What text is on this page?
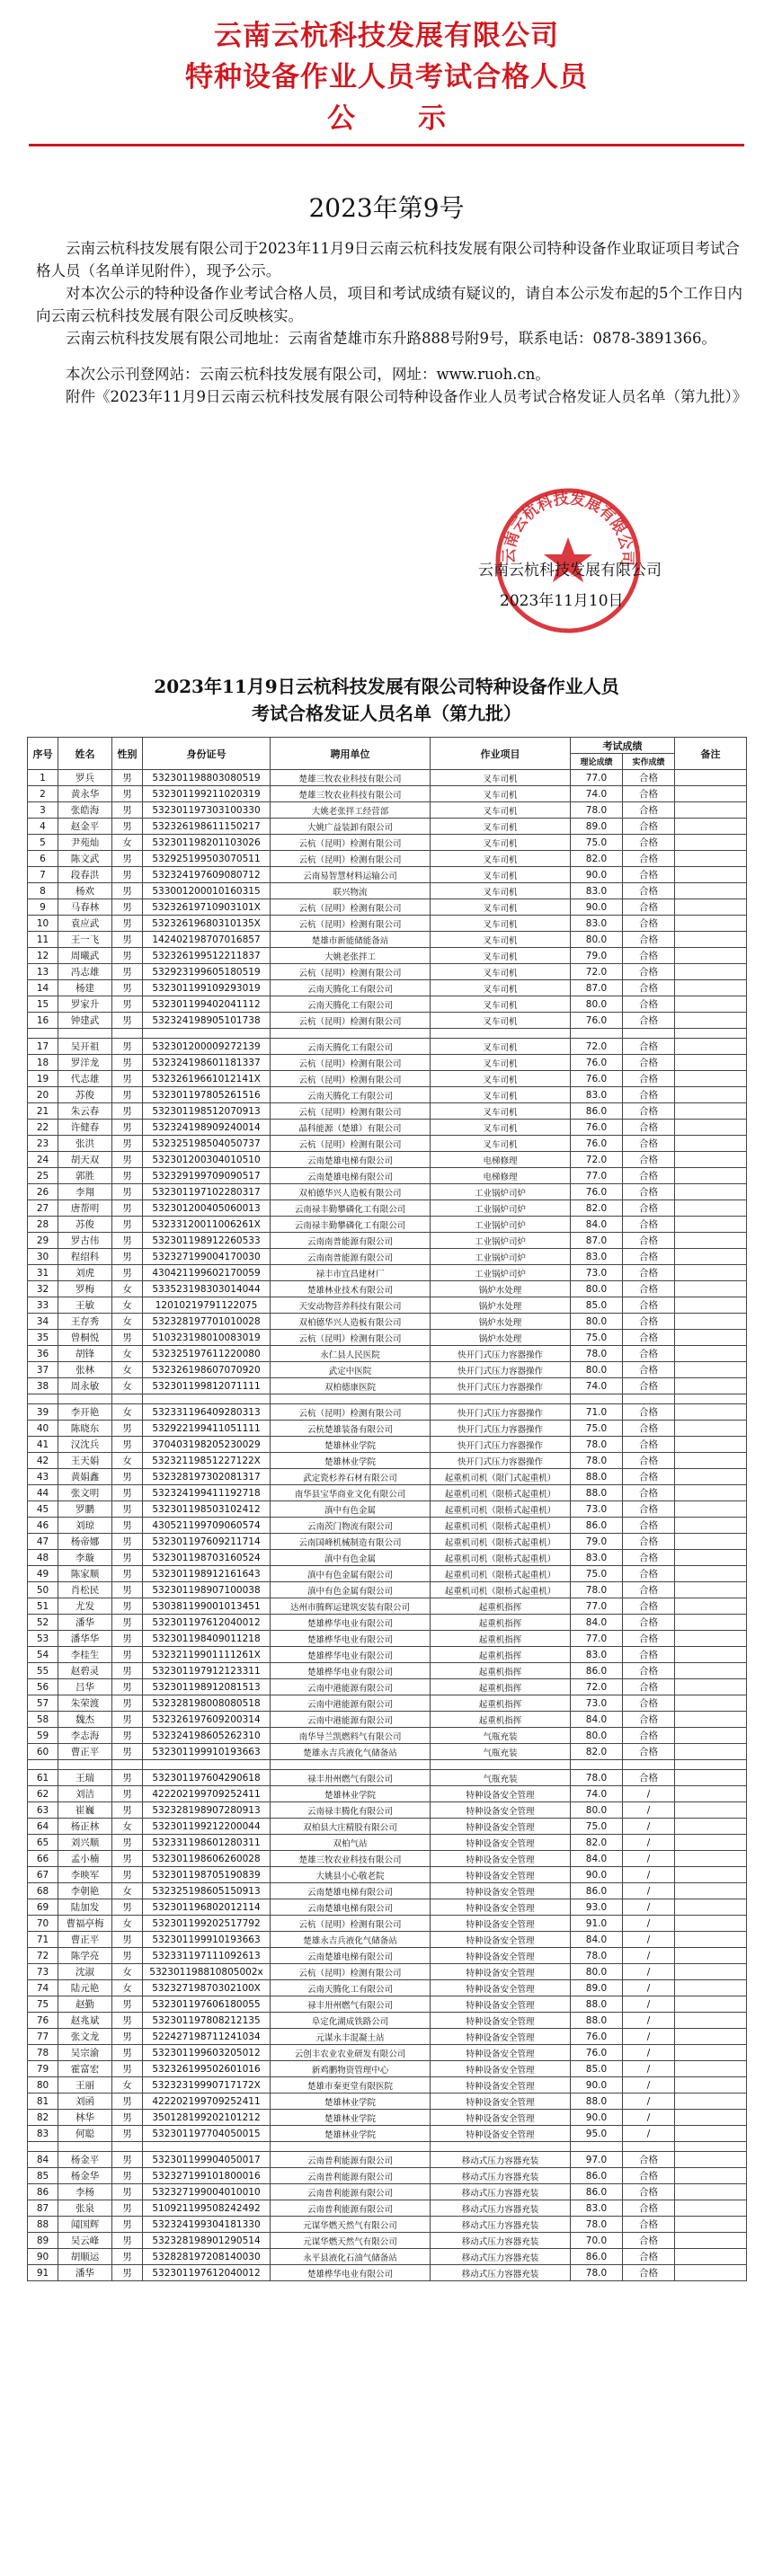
云南云杭科技发展有限公司
特种设备作业人员考试合格人员
公示
2023年第9号

云南云杭科技发展有限公司于2023年11月9日云南云杭科技发展有限公司特种设备作业取证项目考试合格人员（名单详见附件），现予公示。

对本次公示的特种设备作业考试合格人员，项目和考试成绩有疑议的，请自本公示发布起的5个工作日内向云南云杭科技发展有限公司反映核实。

云南云杭科技发展有限公司地址：云南省楚雄市东升路888号附9号，联系电话：0878-3891366。

本次公示刊登网站：云南云杭科技发展有限公司，网址：www.ruoh.cn。

附件《2023年11月9日云南云杭科技发展有限公司特种设备作业人员考试合格发证人员名单（第九批）》

云南云杭科技发展有限公司
云南云杭科技发展有限公司
2023年11月10日
2023年11月9日云杭科技发展有限公司特种设备作业人员
考试合格发证人员名单（第九批）
序号	姓名	性别	身份证号	聘用单位	作业项目	考试成绩		备注
						理论成绩	实作成绩	
1	罗兵	男	532301198803080519	楚雄三牧农业科技有限公司	叉车司机	77.0	合格	
2	黄永华	男	532301199211020319	楚雄三牧农业科技有限公司	叉车司机	74.0	合格	
3	张皓海	男	532301197303100330	大姚老张拌工经营部	叉车司机	78.0	合格	
4	赵金平	男	532326198611150217	大姚广益装卸有限公司	叉车司机	89.0	合格	
5	尹苑灿	女	532301198201103026	云杭（昆明）检测有限公司	叉车司机	75.0	合格	
6	陈文武	男	532925199503070511	云杭（昆明）检测有限公司	叉车司机	82.0	合格	
7	段春洪	男	532324197609080712	云南易智慧材料运输公司	叉车司机	90.0	合格	
8	杨欢	男	533001200010160315	联兴物流	叉车司机	83.0	合格	
9	马春林	男	53232619710903101X	云杭（昆明）检测有限公司	叉车司机	90.0	合格	
10	袁应武	男	53232619680310135X	云杭（昆明）检测有限公司	叉车司机	83.0	合格	
11	王一飞	男	142402198707016857	楚雄市新能储能备站	叉车司机	80.0	合格	
12	周曦武	男	532326199512211837	大姚老张拌工	叉车司机	79.0	合格	
13	冯志雄	男	532923199605180519	云杭（昆明）检测有限公司	叉车司机	72.0	合格	
14	杨建	男	532301199109293019	云南天腾化工有限公司	叉车司机	87.0	合格	
15	罗家升	男	532301199402041112	云南天腾化工有限公司	叉车司机	80.0	合格	
16	钟建武	男	532324198905101738	云杭（昆明）检测有限公司	叉车司机	76.0	合格	

17	吴开祖	男	532301200009272139	云南天腾化工有限公司	叉车司机	72.0	合格	
18	罗洋龙	男	532324198601181337	云杭（昆明）检测有限公司	叉车司机	76.0	合格	
19	代志雄	男	53232619661012141X	云杭（昆明）检测有限公司	叉车司机	76.0	合格	
20	苏俊	男	532301197805261516	云南天腾化工有限公司	叉车司机	83.0	合格	
21	朱云春	男	532301198512070913	云杭（昆明）检测有限公司	叉车司机	86.0	合格	
22	许健春	男	532324198909240014	晶科能源（楚雄）有限公司	叉车司机	76.0	合格	
23	张洪	男	532325198504050737	云杭（昆明）检测有限公司	叉车司机	76.0	合格	
24	胡天双	男	532301200304010510	云南楚雄电梯有限公司	电梯修理	72.0	合格	
25	郭胜	男	532329199709090517	云南楚雄电梯有限公司	电梯修理	77.0	合格	
26	李翔	男	532301197102280317	双柏德华兴人造板有限公司	工业锅炉司炉	76.0	合格	
27	唐帮明	男	532301200405060013	云南禄丰勤攀磷化工有限公司	工业锅炉司炉	82.0	合格	
28	苏俊	男	53233120011006261X	云南禄丰勤攀磷化工有限公司	工业锅炉司炉	84.0	合格	
29	罗古伟	男	532301198912260533	云南南普能源有限公司	工业锅炉司炉	87.0	合格	
30	程绍科	男	532327199004170030	云南南普能源有限公司	工业锅炉司炉	83.0	合格	
31	刘虎	男	430421199602170059	禄丰市宜昌建材厂	工业锅炉司炉	73.0	合格	
32	罗梅	女	533523198303014044	楚雄林业技术有限公司	锅炉水处理	80.0	合格	
33	王敏	女	12010219791122075	天安动物营养科技有限公司	锅炉水处理	85.0	合格	
34	王存秀	女	532328197701010028	双柏德华兴人造板有限公司	锅炉水处理	80.0	合格	
35	曾桐悦	男	510323198010083019	云杭（昆明）检测有限公司	锅炉水处理	75.0	合格	
36	胡锋	女	532325197611220080	永仁县人民医院	快开门式压力容器操作	78.0	合格	
37	张林	女	532326198607070920	武定中医院	快开门式压力容器操作	80.0	合格	
38	周永敏	女	532301199812071111	双柏德康医院	快开门式压力容器操作	74.0	合格	

39	李开艳	女	532331196409280313	云杭（昆明）检测有限公司	快开门式压力容器操作	71.0	合格	
40	陈晓东	男	532922199411051111	云杭楚雄装备有限公司	快开门式压力容器操作	75.0	合格	
41	汉沈兵	男	370403198205230029	楚雄林业学院	快开门式压力容器操作	78.0	合格	
42	王天娟	女	53232119851227122X	楚雄林业学院	快开门式压力容器操作	78.0	合格	
43	黄娟鑫	男	532328197302081317	武定瓷杉养石材有限公司	起重机司机（限门式起重机）	88.0	合格	
44	张文明	男	532324199411192718	南华县宝华商业文化有限公司	起重机司机（限桥式起重机）	88.0	合格	
45	罗鹏	男	532301198503102412	滇中有色金属	起重机司机（限桥式起重机）	73.0	合格	
46	刘琼	男	430521199709060574	云南茨门物流有限公司	起重机司机（限桥式起重机）	86.0	合格	
47	杨帝娜	男	532301197609211714	云南国峰机械制造有限公司	起重机司机（限桥式起重机）	79.0	合格	
48	李璇	男	532301198703160524	滇中有色金属	起重机司机（限桥式起重机）	83.0	合格	
49	陈家顺	男	532301198912161643	滇中有色金属有限公司	起重机司机（限桥式起重机）	75.0	合格	
50	肖松民	男	532301198907100038	滇中有色金属有限公司	起重机司机（限桥式起重机）	78.0	合格	
51	尤发	男	530381199001013451	达州市腾辉运建筑安装有限公司	起重机指挥	77.0	合格	
52	潘华	男	532301197612040012	楚雄桦华电业有限公司	起重机指挥	84.0	合格	
53	潘华华	男	532301198409011218	楚雄桦华电业有限公司	起重机指挥	77.0	合格	
54	李桂生	男	53232119901111261X	楚雄桦华电业有限公司	起重机指挥	83.0	合格	
55	赵碧灵	男	532301197912123311	楚雄桦华电业有限公司	起重机指挥	86.0	合格	
56	吕华	男	532301198912081513	云南中港能源有限公司	起重机指挥	72.0	合格	
57	朱荣渡	男	532328198008080518	云南中港能源有限公司	起重机指挥	73.0	合格	
58	魏杰	男	532326197609200314	云南中港能源有限公司	起重机指挥	84.0	合格	
59	李志海	男	532324198605262310	南华导兰凯燃料气有限公司	气瓶充装	80.0	合格	
60	曹正平	男	532301199910193663	楚雄永吉兵液化气储备站	气瓶充装	82.0	合格	

61	王瑞	男	532301197604290618	禄丰卅州燃气有限公司	气瓶充装	78.0	合格	
62	刘洁	男	422202199709252411	楚雄林业学院	特种设备安全管理	74.0	/	
63	崔巍	男	532328198907280913	云南禄丰腾化有限公司	特种设备安全管理	80.0	/	
64	杨正林	女	532301199212200044	双柏县大庄精股有限公司	特种设备安全管理	75.0	/	
65	刘兴顺	男	532331198601280311	双柏气站	特种设备安全管理	82.0	/	
66	孟小楠	男	532301198606260028	楚雄三牧农业科技有限公司	特种设备安全管理	84.0	/	
67	李映军	男	532301198705190839	大姚县小心敬老院	特种设备安全管理	90.0	/	
68	李朝艳	女	532325198605150913	云南楚雄电梯有限公司	特种设备安全管理	86.0	/	
69	陆加发	男	532301196802012114	云南楚雄电梯有限公司	特种设备安全管理	93.0	/	
70	曹福亭梅	女	532301199202517792	云杭（昆明）检测有限公司	特种设备安全管理	91.0	/	
71	曹正平	男	532301199910193663	楚雄永吉兵液化气储备站	特种设备安全管理	84.0	/	
72	陈学亮	男	532331197111092613	云南楚雄电梯有限公司	特种设备安全管理	78.0	/	
73	沈淑	女	532301198810805002x	云杭（昆明）检测有限公司	特种设备安全管理	80.0	/	
74	陆元艳	女	53232719870302100X	云南天腾化工有限公司	特种设备安全管理	89.0	/	
75	赵勤	男	532301197606180055	禄丰卅州燃气有限公司	特种设备安全管理	88.0	/	
76	赵兆斌	男	532301197808212135	阜定化湖成铁路公司	特种设备安全管理	88.0	/	
77	张文龙	男	522427198711241034	元谋永丰混凝土站	特种设备安全管理	76.0	/	
78	吴宗渝	男	532301199603205012	云创丰农业农业研发有限公司	特种设备安全管理	76.0	/	
79	霍富宏	男	532326199502601016	新鸡鹏物资管理中心	特种设备安全管理	85.0	/	
80	王丽	女	53232319990717172X	楚雄市秦更堂有限医院	特种设备安全管理	90.0	/	
81	刘函	男	422202199709252411	楚雄林业学院	特种设备安全管理	88.0	/	
82	林华	男	350128199202101212	楚雄林业学院	特种设备安全管理	90.0	/	
83	何聪	男	532301197704050015	楚雄林业学院	特种设备安全管理	95.0	/	

84	杨金平	男	532301199904050017	云南普利能源有限公司	移动式压力容器充装	97.0	合格	
85	杨金华	男	532327199101800016	云南普利能源有限公司	移动式压力容器充装	86.0	合格	
86	李杨	男	532327199004010010	云南普利能源有限公司	移动式压力容器充装	86.0	合格	
87	张泉	男	510921199508242492	云南普利能源有限公司	移动式压力容器充装	83.0	合格	
88	闻国辉	男	532324199304181330	元谋华燃天然气有限公司	移动式压力容器充装	78.0	合格	
89	吴云峰	男	532328198901290514	元谋华燃天然气有限公司	移动式压力容器充装	70.0	合格	
90	胡顺运	男	532828197208140030	永平县液化石油气储备站	移动式压力容器充装	86.0	合格	
91	潘华	男	532301197612040012	楚雄桦华电业有限公司	移动式压力容器充装	78.0	合格	
